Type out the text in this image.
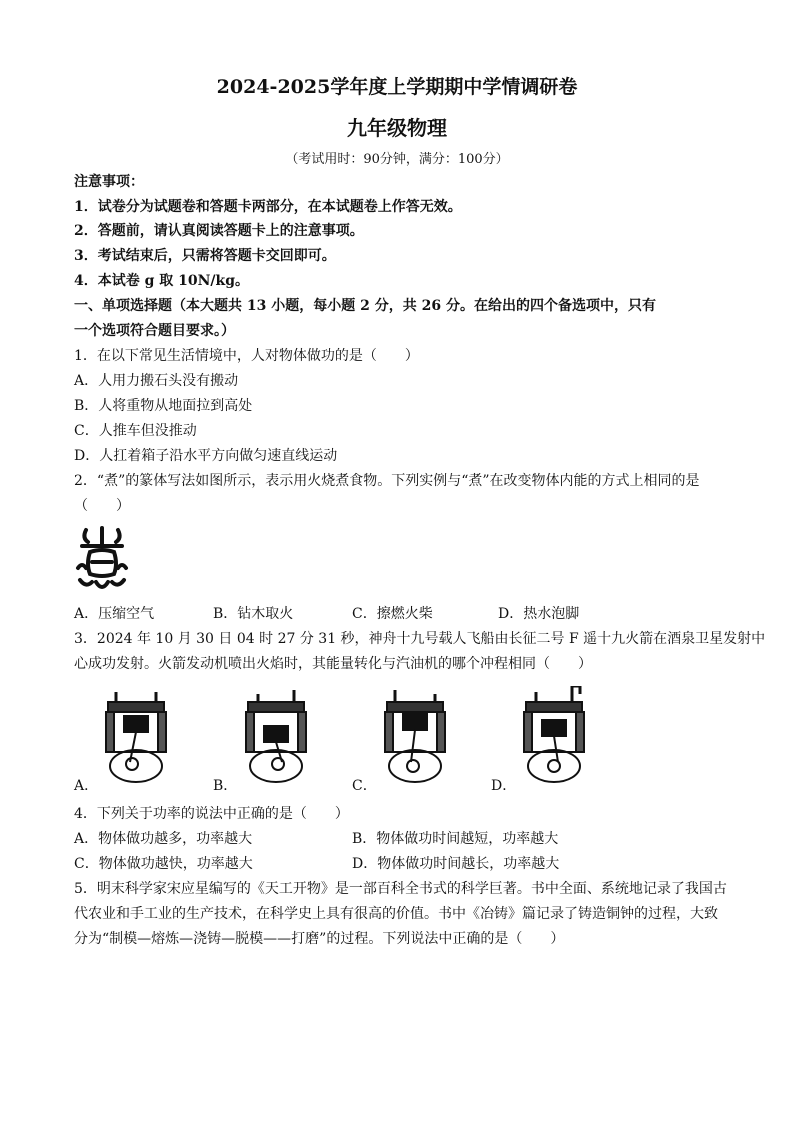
2024-2025学年度上学期期中学情调研卷
九年级物理
（考试用时：90分钟，满分：100分）
注意事项：
1．试卷分为试题卷和答题卡两部分，在本试题卷上作答无效。
2．答题前，请认真阅读答题卡上的注意事项。
3．考试结束后，只需将答题卡交回即可。
4．本试卷 g 取 10N/kg。
一、单项选择题（本大题共 13 小题，每小题 2 分，共 26 分。在给出的四个备选项中，只有
一个选项符合题目要求。）
1．在以下常见生活情境中，人对物体做功的是（　　）
A．人用力搬石头没有搬动
B．人将重物从地面拉到高处
C．人推车但没推动
D．人扛着箱子沿水平方向做匀速直线运动
2．“煮”的篆体写法如图所示，表示用火烧煮食物。下列实例与“煮”在改变物体内能的方式上相同的是
（　　）
A．压缩空气	B．钻木取火	C．擦燃火柴	D．热水泡脚
3．2024 年 10 月 30 日 04 时 27 分 31 秒，神舟十九号载人飞船由长征二号 F 遥十九火箭在酒泉卫星发射中
心成功发射。火箭发动机喷出火焰时，其能量转化与汽油机的哪个冲程相同（　　）
A．	B．	C．	D．
4．下列关于功率的说法中正确的是（　　）
A．物体做功越多，功率越大	B．物体做功时间越短，功率越大
C．物体做功越快，功率越大	D．物体做功时间越长，功率越大
5．明末科学家宋应星编写的《天工开物》是一部百科全书式的科学巨著。书中全面、系统地记录了我国古
代农业和手工业的生产技术，在科学史上具有很高的价值。书中《冶铸》篇记录了铸造铜钟的过程，大致
分为“制模—熔炼—浇铸—脱模——打磨”的过程。下列说法中正确的是（　　）
